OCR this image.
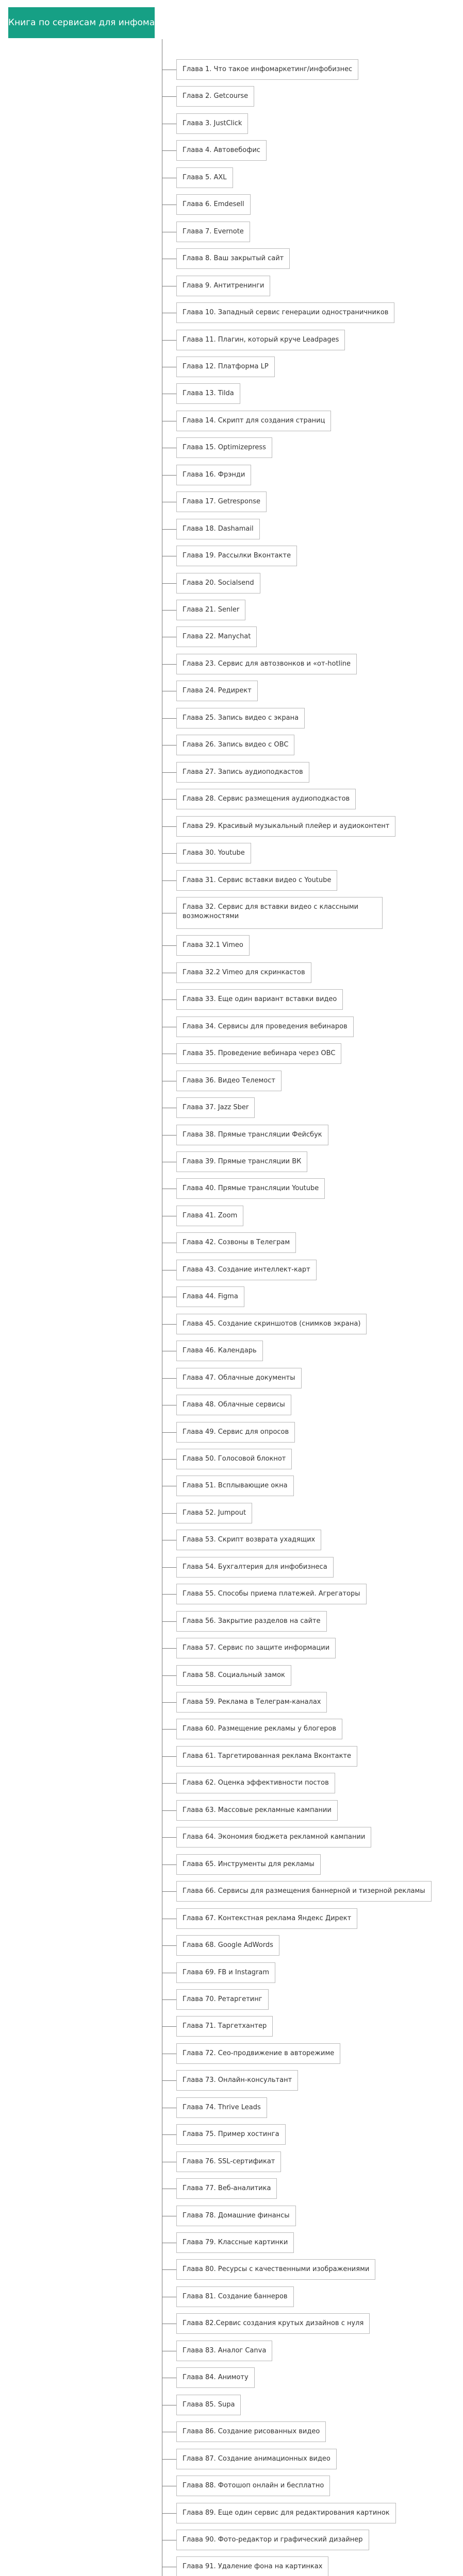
Книга по сервисам для инфомаркетинга 2023
Глава 1. Что такое инфомаркетинг/инфобизнес
Глава 2. Getcourse
Глава 3. JustClick
Глава 4. Автовебофис
Глава 5. АХL
Глава 6. Emdesell
Глава 7. Evernote
Глава 8. Ваш закрытый сайт
Глава 9. Антитренинги
Глава 10. Западный сервис генерации одностраничников
Глава 11. Плагин, который круче Leadpages
Глава 12. Платформа LP
Глава 13. Tilda
Глава 14. Скрипт для создания страниц
Глава 15. Optimizepress
Глава 16. Фрэнди
Глава 17. Getresponse
Глава 18. Dashamail
Глава 19. Рассылки Вконтакте
Глава 20. Socialsend
Глава 21. Senler
Глава 22. Manychat
Глава 23. Сервис для автозвонков и «от-hotline
Глава 24. Редирект
Глава 25. Запись видео с экрана
Глава 26. Запись видео с OBC
Глава 27. Запись аудиоподкастов
Глава 28. Сервис размещения аудиоподкастов
Глава 29. Красивый музыкальный плейер и аудиоконтент
Глава 30. Youtube
Глава 31. Сервис вставки видео с Youtube
Глава 32. Сервис для вставки видео с классными возможностями
Глава 32.1 Vimeo
Глава 32.2 Vimeo для скринкастов
Глава 33. Еще один вариант вставки видео
Глава 34. Сервисы для проведения вебинаров
Глава 35. Проведение вебинара через OBC
Глава 36. Видео Телемост
Глава 37. Jazz Sber
Глава 38. Прямые трансляции Фейсбук
Глава 39. Прямые трансляции ВК
Глава 40. Прямые трансляции Youtube
Глава 41. Zoom
Глава 42. Созвоны в Телеграм
Глава 43. Создание интеллект-карт
Глава 44. Figma
Глава 45. Создание скриншотов (снимков экрана)
Глава 46. Календарь
Глава 47. Облачные документы
Глава 48. Облачные сервисы
Глава 49. Сервис для опросов
Глава 50. Голосовой блокнот
Глава 51. Всплывающие окна
Глава 52. Jumpout
Глава 53. Скрипт возврата ухадящих
Глава 54. Бухгалтерия для инфобизнеса
Глава 55. Способы приема платежей. Агрегаторы
Глава 56. Закрытие разделов на сайте
Глава 57. Сервис по защите информации
Глава 58. Социальный замок
Глава 59. Реклама в Телеграм-каналах
Глава 60. Размещение рекламы у блогеров
Глава 61. Таргетированная реклама Вконтакте
Глава 62. Оценка эффективности постов
Глава 63. Массовые рекламные кампании
Глава 64. Экономия бюджета рекламной кампании
Глава 65. Инструменты для рекламы
Глава 66. Сервисы для размещения баннерной и тизерной рекламы
Глава 67. Контекстная реклама Яндекс Директ
Глава 68. Google AdWords
Глава 69. FB и Instagram
Глава 70. Ретаргетинг
Глава 71. Таргетхантер
Глава 72. Сео-продвижение в авторежиме
Глава 73. Онлайн-консультант
Глава 74. Thrive Leads
Глава 75. Пример хостинга
Глава 76. SSL-сертификат
Глава 77. Веб-аналитика
Глава 78. Домашние финансы
Глава 79. Классные картинки
Глава 80. Ресурсы с качественными изображениями
Глава 81. Создание баннеров
Глава 82.Сервис создания крутых дизайнов с нуля
Глава 83. Аналог Canva
Глава 84. Анимоту
Глава 85. Supa
Глава 86. Создание рисованных видео
Глава 87. Создание анимационных видео
Глава 88. Фотошоп онлайн и бесплатно
Глава 89. Еще один сервис для редактирования картинок
Глава 90. Фото-редактор и графический дизайнер
Глава 91. Удаление фона на картинках
